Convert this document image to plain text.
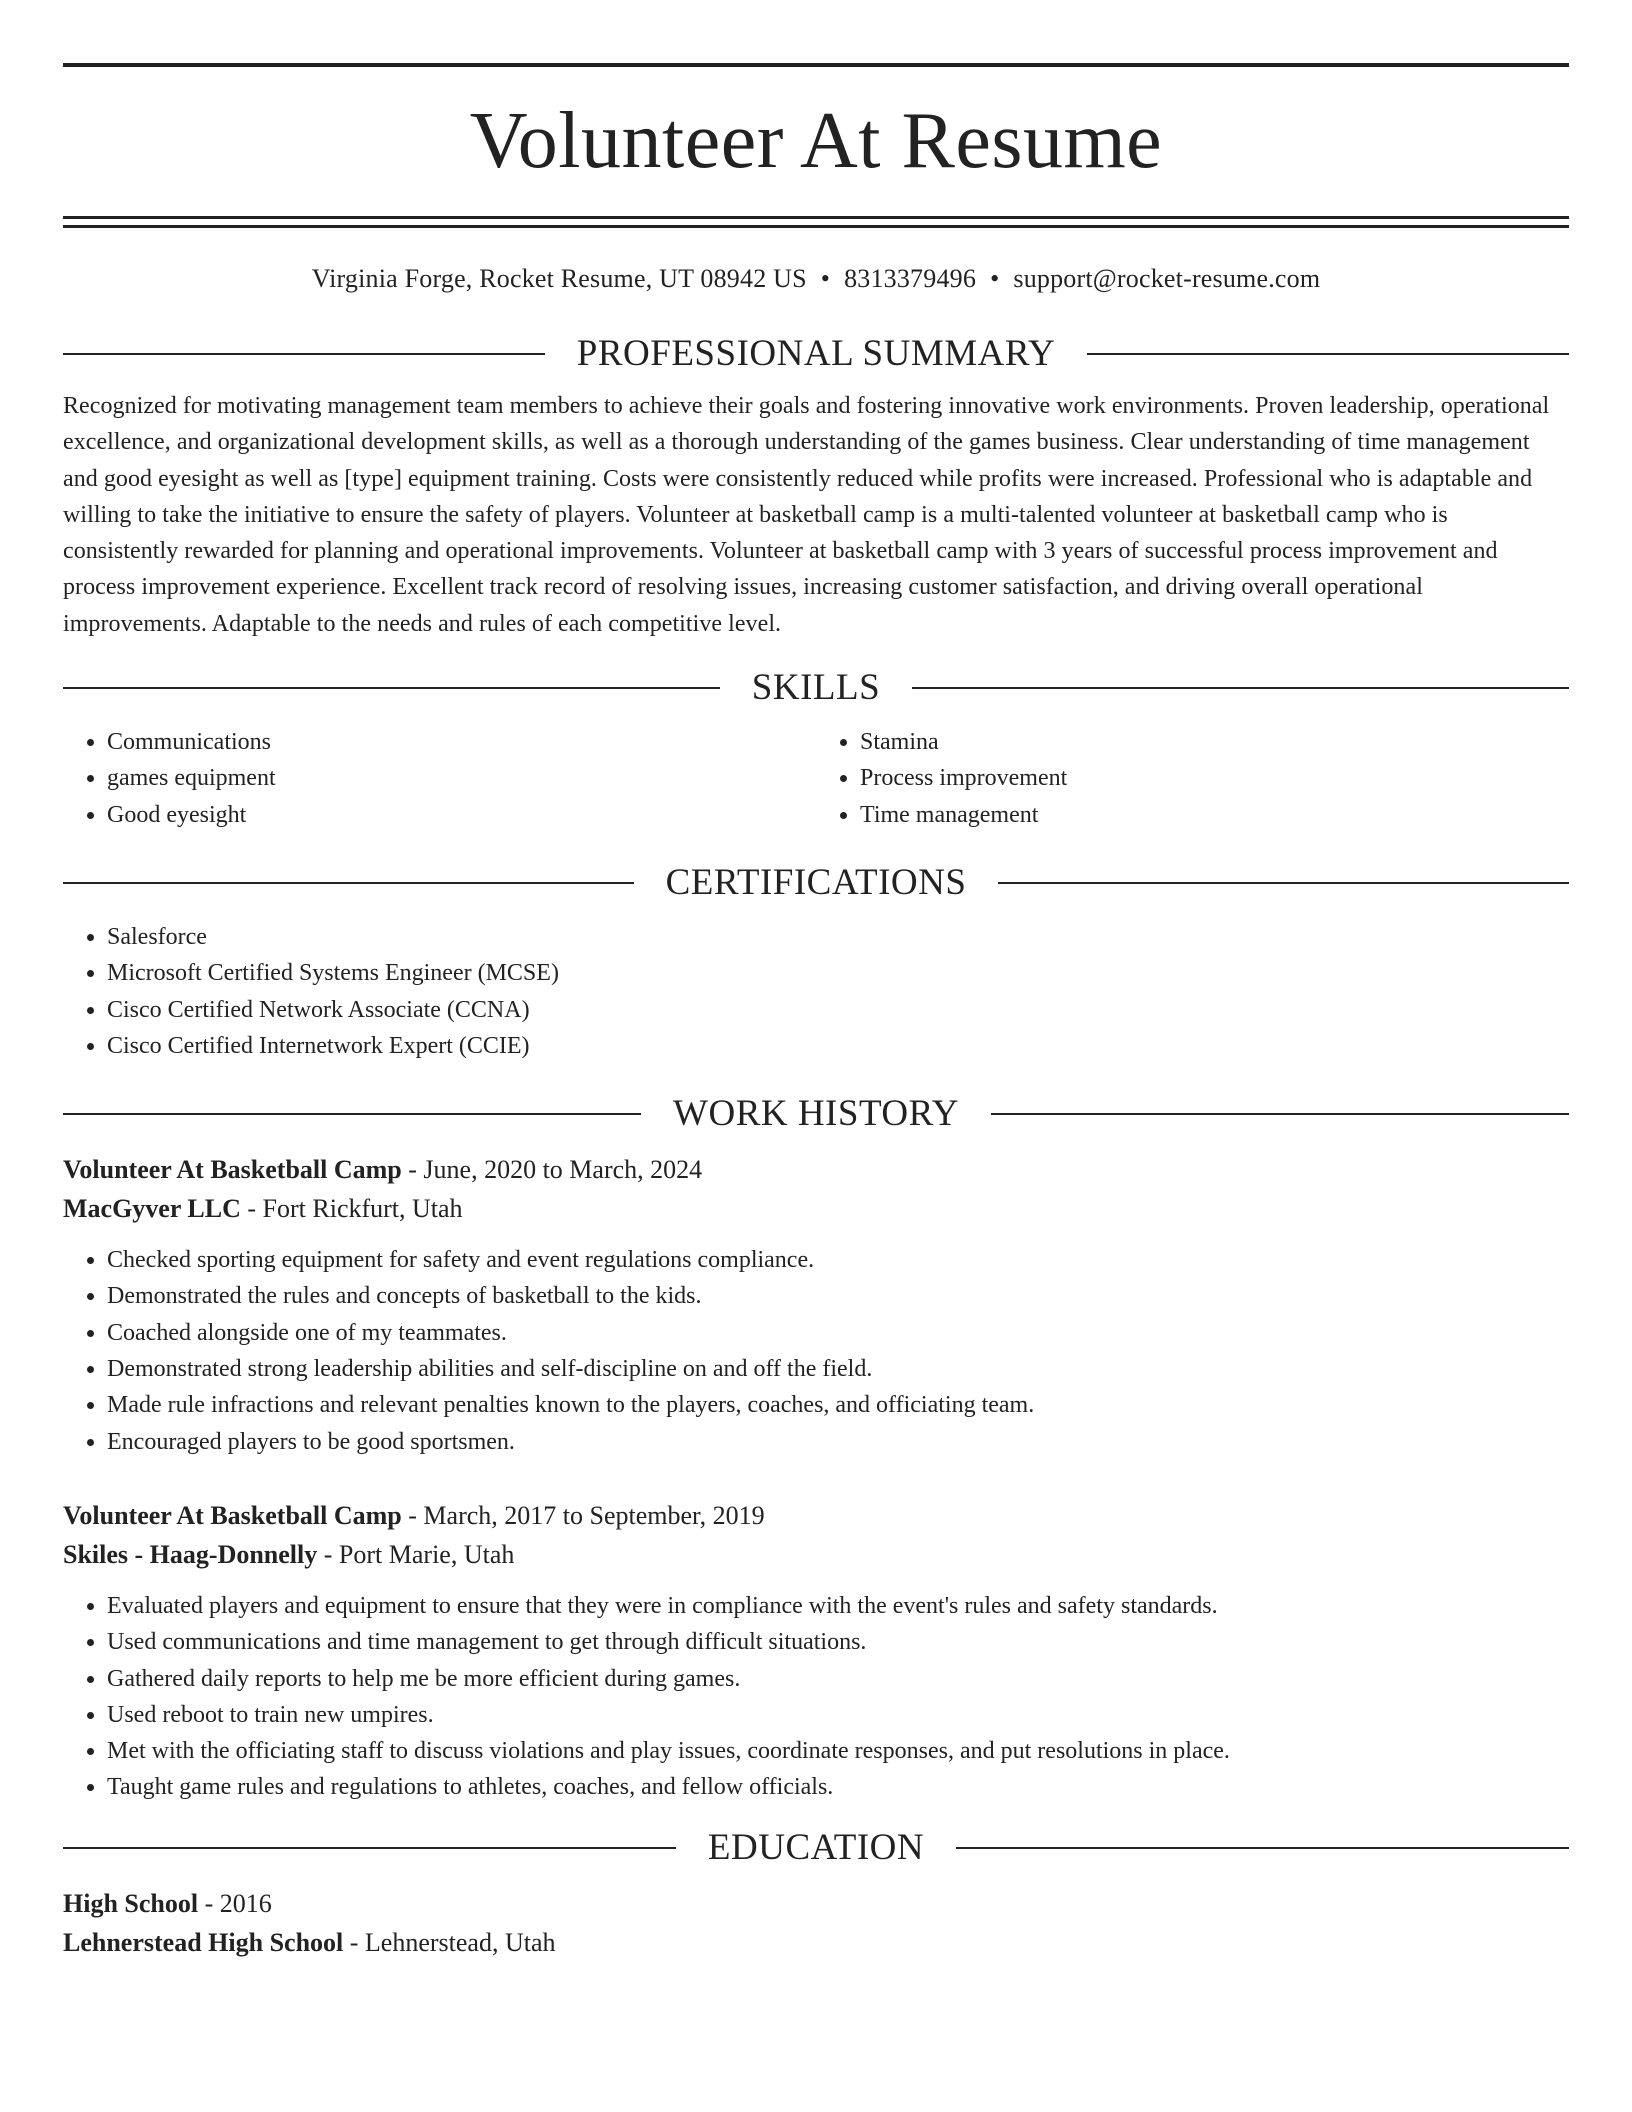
Volunteer At Resume
Virginia Forge, Rocket Resume, UT 08942 US • 8313379496 • support@rocket-resume.com
PROFESSIONAL SUMMARY

Recognized for motivating management team members to achieve their goals and fostering innovative work environments. Proven leadership, operational excellence, and organizational development skills, as well as a thorough understanding of the games business. Clear understanding of time management and good eyesight as well as [type] equipment training. Costs were consistently reduced while profits were increased. Professional who is adaptable and willing to take the initiative to ensure the safety of players. Volunteer at basketball camp is a multi-talented volunteer at basketball camp who is consistently rewarded for planning and operational improvements. Volunteer at basketball camp with 3 years of successful process improvement and process improvement experience. Excellent track record of resolving issues, increasing customer satisfaction, and driving overall operational improvements. Adaptable to the needs and rules of each competitive level.

SKILLS
• Communications
• games equipment
• Good eyesight
• Stamina
• Process improvement
• Time management
CERTIFICATIONS
• Salesforce
• Microsoft Certified Systems Engineer (MCSE)
• Cisco Certified Network Associate (CCNA)
• Cisco Certified Internetwork Expert (CCIE)
WORK HISTORY
Volunteer At Basketball Camp - June, 2020 to March, 2024
MacGyver LLC - Fort Rickfurt, Utah
• Checked sporting equipment for safety and event regulations compliance.
• Demonstrated the rules and concepts of basketball to the kids.
• Coached alongside one of my teammates.
• Demonstrated strong leadership abilities and self-discipline on and off the field.
• Made rule infractions and relevant penalties known to the players, coaches, and officiating team.
• Encouraged players to be good sportsmen.
Volunteer At Basketball Camp - March, 2017 to September, 2019
Skiles - Haag-Donnelly - Port Marie, Utah
• Evaluated players and equipment to ensure that they were in compliance with the event's rules and safety standards.
• Used communications and time management to get through difficult situations.
• Gathered daily reports to help me be more efficient during games.
• Used reboot to train new umpires.
• Met with the officiating staff to discuss violations and play issues, coordinate responses, and put resolutions in place.
• Taught game rules and regulations to athletes, coaches, and fellow officials.
EDUCATION
High School - 2016
Lehnerstead High School - Lehnerstead, Utah
